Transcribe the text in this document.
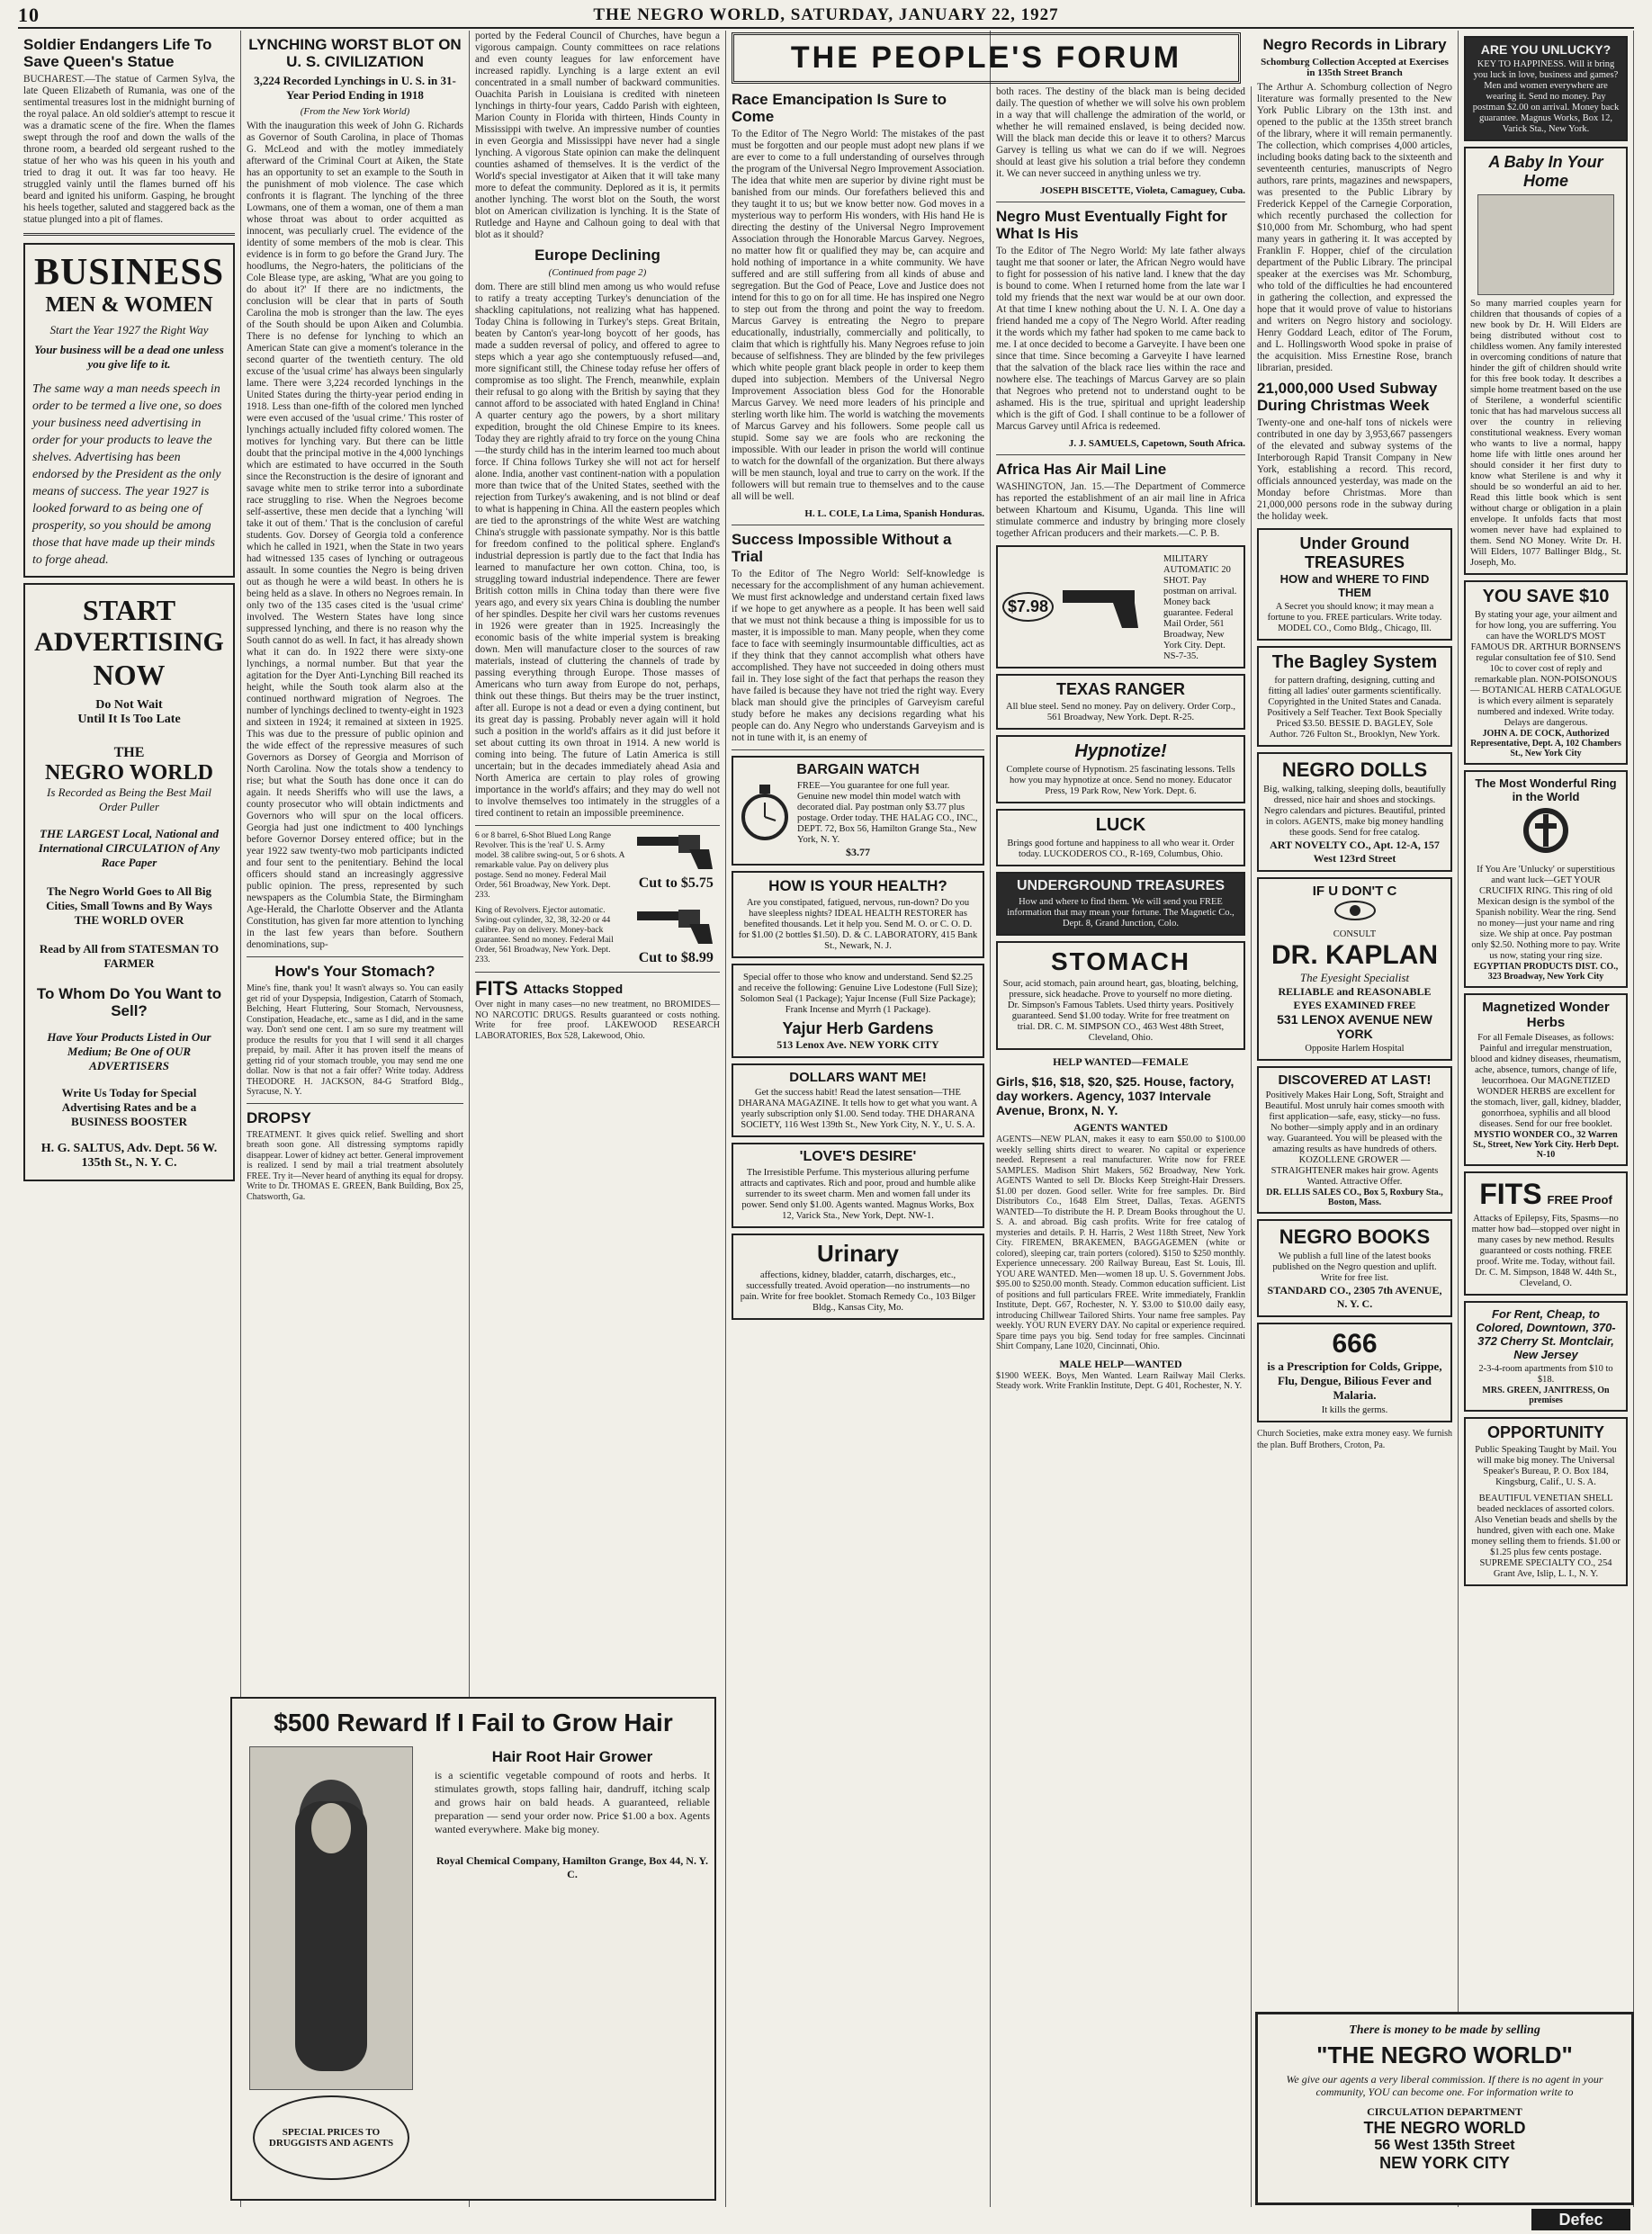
10	THE NEGRO WORLD, SATURDAY, JANUARY 22, 1927
Soldier Endangers Life To Save Queen's Statue

BUCHAREST.—The statue of Carmen Sylva, the late Queen Elizabeth of Rumania, was one of the sentimental treasures lost in the midnight burning of the royal palace. An old soldier's attempt to rescue it was a dramatic scene of the fire. When the flames swept through the roof and down the walls of the throne room, a bearded old sergeant rushed to the statue of her who was his queen in his youth and tried to drag it out. It was far too heavy. He struggled vainly until the flames burned off his beard and ignited his uniform. Gasping, he brought his heels together, saluted and staggered back as the statue plunged into a pit of flames.

BUSINESS
MEN & WOMEN
Start the Year 1927 the Right Way
Your business will be a dead one unless you give life to it.
The same way a man needs speech in order to be termed a live one, so does your business need advertising in order for your products to leave the shelves. Advertising has been endorsed by the President as the only means of success. The year 1927 is looked forward to as being one of prosperity, so you should be among those that have made up their minds to forge ahead.
START
ADVERTISING
NOW
Do Not Wait
Until It Is Too Late
THE
NEGRO WORLD
Is Recorded as Being the Best Mail Order Puller
THE LARGEST Local, National and International CIRCULATION of Any Race Paper
The Negro World Goes to All Big Cities, Small Towns and By Ways THE WORLD OVER
Read by All from STATESMAN TO FARMER
To Whom Do You Want to Sell?
Have Your Products Listed in Our Medium; Be One of OUR ADVERTISERS
Write Us Today for Special Advertising Rates and be a BUSINESS BOOSTER
H. G. SALTUS, Adv. Dept. 56 W. 135th St., N. Y. C.
LYNCHING WORST BLOT ON U. S. CIVILIZATION
3,224 Recorded Lynchings in U. S. in 31-Year Period Ending in 1918
(From the New York World)

With the inauguration this week of John G. Richards as Governor of South Carolina, in place of Thomas G. McLeod and with the motley immediately afterward of the Criminal Court at Aiken, the State has an opportunity to set an example to the South in the punishment of mob violence. The case which confronts it is flagrant. The lynching of the three Lowmans, one of them a woman, one of them a man whose throat was about to order acquitted as innocent, was peculiarly cruel. The evidence of the identity of some members of the mob is clear. This evidence is in form to go before the Grand Jury. The hoodlums, the Negro-haters, the politicians of the Cole Blease type, are asking, 'What are you going to do about it?' If there are no indictments, the conclusion will be clear that in parts of South Carolina the mob is stronger than the law. The eyes of the South should be upon Aiken and Columbia. There is no defense for lynching to which an American State can give a moment's tolerance in the second quarter of the twentieth century. The old excuse of the 'usual crime' has always been singularly lame. There were 3,224 recorded lynchings in the United States during the thirty-year period ending in 1918. Less than one-fifth of the colored men lynched were even accused of the 'usual crime.' This roster of lynchings actually included fifty colored women. The motives for lynching vary. But there can be little doubt that the principal motive in the 4,000 lynchings which are estimated to have occurred in the South since the Reconstruction is the desire of ignorant and savage white men to strike terror into a subordinate race struggling to rise. When the Negroes become self-assertive, these men decide that a lynching 'will take it out of them.' That is the conclusion of careful students. Gov. Dorsey of Georgia told a conference which he called in 1921, when the State in two years had witnessed 135 cases of lynching or outrageous assault. In some counties the Negro is being driven out as though he were a wild beast. In others he is being held as a slave. In others no Negroes remain. In only two of the 135 cases cited is the 'usual crime' involved. The Western States have long since suppressed lynching, and there is no reason why the South cannot do as well. In fact, it has already shown what it can do. In 1922 there were sixty-one lynchings, a normal number. But that year the agitation for the Dyer Anti-Lynching Bill reached its height, while the South took alarm also at the continued northward migration of Negroes. The number of lynchings declined to twenty-eight in 1923 and sixteen in 1924; it remained at sixteen in 1925. This was due to the pressure of public opinion and the wide effect of the repressive measures of such Governors as Dorsey of Georgia and Morrison of North Carolina. Now the totals show a tendency to rise; but what the South has done once it can do again. It needs Sheriffs who will use the laws, a county prosecutor who will obtain indictments and Governors who will spur on the local officers. Georgia had just one indictment to 400 lynchings before Governor Dorsey entered office; but in the year 1922 saw twenty-two mob participants indicted and four sent to the penitentiary. Behind the local officers should stand an increasingly aggressive public opinion. The press, represented by such newspapers as the Columbia State, the Birmingham Age-Herald, the Charlotte Observer and the Atlanta Constitution, has given far more attention to lynching in the last few years than before. Southern denominations, sup-

How's Your Stomach?

Mine's fine, thank you! It wasn't always so. You can easily get rid of your Dyspepsia, Indigestion, Catarrh of Stomach, Belching, Heart Fluttering, Sour Stomach, Nervousness, Constipation, Headache, etc., same as I did, and in the same way. Don't send one cent. I am so sure my treatment will produce the results for you that I will send it all charges prepaid, by mail. After it has proven itself the means of getting rid of your stomach trouble, you may send me one dollar. Now is that not a fair offer? Write today. Address THEODORE H. JACKSON, 84-G Stratford Bldg., Syracuse, N. Y.

DROPSY

TREATMENT. It gives quick relief. Swelling and short breath soon gone. All distressing symptoms rapidly disappear. Lower of kidney act better. General improvement is realized. I send by mail a trial treatment absolutely FREE. Try it—Never heard of anything its equal for dropsy. Write to Dr. THOMAS E. GREEN, Bank Building, Box 25, Chatsworth, Ga.

ported by the Federal Council of Churches, have begun a vigorous campaign. County committees on race relations and even county leagues for law enforcement have increased rapidly. Lynching is a large extent an evil concentrated in a small number of backward communities. Ouachita Parish in Louisiana is credited with nineteen lynchings in thirty-four years, Caddo Parish with eighteen, Marion County in Florida with thirteen, Hinds County in Mississippi with twelve. An impressive number of counties in even Georgia and Mississippi have never had a single lynching. A vigorous State opinion can make the delinquent counties ashamed of themselves. It is the verdict of the World's special investigator at Aiken that it will take many more to defeat the community. Deplored as it is, it permits another lynching. The worst blot on the South, the worst blot on American civilization is lynching. It is the State of Rutledge and Hayne and Calhoun going to deal with that blot as it should?

Europe Declining
(Continued from page 2)

dom. There are still blind men among us who would refuse to ratify a treaty accepting Turkey's denunciation of the shackling capitulations, not realizing what has happened. Today China is following in Turkey's steps. Great Britain, beaten by Canton's year-long boycott of her goods, has made a sudden reversal of policy, and offered to agree to steps which a year ago she contemptuously refused—and, more significant still, the Chinese today refuse her offers of compromise as too slight. The French, meanwhile, explain their refusal to go along with the British by saying that they cannot afford to be associated with hated England in China! A quarter century ago the powers, by a short military expedition, brought the old Chinese Empire to its knees. Today they are rightly afraid to try force on the young China—the sturdy child has in the interim learned too much about force. If China follows Turkey she will not act for herself alone. India, another vast continent-nation with a population more than twice that of the United States, seethed with the rejection from Turkey's awakening, and is not blind or deaf to what is happening in China. All the eastern peoples which are tied to the apronstrings of the white West are watching China's struggle with passionate sympathy. Nor is this battle for freedom confined to the political sphere. England's industrial depression is partly due to the fact that India has learned to manufacture her own cotton. China, too, is struggling toward industrial independence. There are fewer British cotton mills in China today than there were five years ago, and every six years China is doubling the number of her spindles. Despite her civil wars her customs revenues in 1926 were greater than in 1925. Increasingly the economic basis of the white imperial system is breaking down. Men will manufacture closer to the sources of raw materials, instead of cluttering the channels of trade by passing everything through Europe. Those masses of Americans who turn away from Europe do not, perhaps, think out these things. But theirs may be the truer instinct, after all. Europe is not a dead or even a dying continent, but its great day is passing. Probably never again will it hold such a position in the world's affairs as it did just before it set about cutting its own throat in 1914. A new world is coming into being. The future of Latin America is still uncertain; but in the decades immediately ahead Asia and North America are certain to play roles of growing importance in the world's affairs; and they may do well not to involve themselves too intimately in the struggles of a tired continent to retain an impossible preeminence.

6 or 8 barrel, 6-Shot Blued Long Range Revolver. This is the 'real' U. S. Army model. 38 calibre swing-out, 5 or 6 shots. A remarkable value. Pay on delivery plus postage. Send no money. Federal Mail Order, 561 Broadway, New York. Dept. 233.
Cut to $5.75
King of Revolvers. Ejector automatic. Swing-out cylinder, 32, 38, 32-20 or 44 calibre. Pay on delivery. Money-back guarantee. Send no money. Federal Mail Order, 561 Broadway, New York. Dept. 233.	Cut to $8.99
FITS Attacks Stopped

Over night in many cases—no new treatment, no BROMIDES—NO NARCOTIC DRUGS. Results guaranteed or costs nothing. Write for free proof. LAKEWOOD RESEARCH LABORATORIES, Box 528, Lakewood, Ohio.

$500 Reward If I Fail to Grow Hair
SPECIAL PRICES TO DRUGGISTS AND AGENTS
Hair Root Hair Grower

is a scientific vegetable compound of roots and herbs. It stimulates growth, stops falling hair, dandruff, itching scalp and grows hair on bald heads. A guaranteed, reliable preparation — send your order now. Price $1.00 a box. Agents wanted everywhere. Make big money.

Royal Chemical Company, Hamilton Grange, Box 44, N. Y. C.
THE PEOPLE'S FORUM
Race Emancipation Is Sure to Come

To the Editor of The Negro World: The mistakes of the past must be forgotten and our people must adopt new plans if we are ever to come to a full understanding of ourselves through the program of the Universal Negro Improvement Association. The idea that white men are superior by divine right must be banished from our minds. Our forefathers believed this and they taught it to us; but we know better now. God moves in a mysterious way to perform His wonders, with His hand He is directing the destiny of the Universal Negro Improvement Association through the Honorable Marcus Garvey. Negroes, no matter how fit or qualified they may be, can acquire and hold nothing of importance in a white community. We have suffered and are still suffering from all kinds of abuse and segregation. But the God of Peace, Love and Justice does not intend for this to go on for all time. He has inspired one Negro to step out from the throng and point the way to freedom. Marcus Garvey is entreating the Negro to prepare educationally, industrially, commercially and politically, to claim that which is rightfully his. Many Negroes refuse to join because of selfishness. They are blinded by the few privileges which white people grant black people in order to keep them duped into subjection. Members of the Universal Negro Improvement Association bless God for the Honorable Marcus Garvey. We need more leaders of his principle and sterling worth like him. The world is watching the movements of Marcus Garvey and his followers. Some people call us stupid. Some say we are fools who are reckoning the impossible. With our leader in prison the world will continue to watch for the downfall of the organization. But there always will be men staunch, loyal and true to carry on the work. If the followers will but remain true to themselves and to the cause all will be well.

H. L. COLE, La Lima, Spanish Honduras.
Success Impossible Without a Trial

To the Editor of The Negro World: Self-knowledge is necessary for the accomplishment of any human achievement. We must first acknowledge and understand certain fixed laws if we hope to get anywhere as a people. It has been well said that we must not think because a thing is impossible for us to master, it is impossible to man. Many people, when they come face to face with seemingly insurmountable difficulties, act as if they think that they cannot accomplish what others have accomplished. They have not succeeded in doing others must fail in. They lose sight of the fact that perhaps the reason they have failed is because they have not tried the right way. Every black man should give the principles of Garveyism careful study before he makes any decisions regarding what his people can do. Any Negro who understands Garveyism and is not in tune with it, is an enemy of

BARGAIN WATCH
FREE—You guarantee for one full year. Genuine new model thin model watch with decorated dial. Pay postman only $3.77 plus postage. Order today. THE HALAG CO., INC., DEPT. 72, Box 56, Hamilton Grange Sta., New York, N. Y.
$3.77
HOW IS YOUR HEALTH?
Are you constipated, fatigued, nervous, run-down? Do you have sleepless nights? IDEAL HEALTH RESTORER has benefited thousands. Let it help you. Send M. O. or C. O. D. for $1.00 (2 bottles $1.50). D. & C. LABORATORY, 415 Bank St., Newark, N. J.
Special offer to those who know and understand. Send $2.25 and receive the following: Genuine Live Lodestone (Full Size); Solomon Seal (1 Package); Yajur Incense (Full Size Package); Frank Incense and Myrrh (1 Package).
Yajur Herb Gardens
513 Lenox Ave. NEW YORK CITY
DOLLARS WANT ME!
Get the success habit! Read the latest sensation—THE DHARANA MAGAZINE. It tells how to get what you want. A yearly subscription only $1.00. Send today. THE DHARANA SOCIETY, 116 West 139th St., New York City, N. Y., U. S. A.
'LOVE'S DESIRE'
The Irresistible Perfume. This mysterious alluring perfume attracts and captivates. Rich and poor, proud and humble alike surrender to its sweet charm. Men and women fall under its power. Send only $1.00. Agents wanted. Magnus Works, Box 12, Varick Sta., New York, Dept. NW-1.
Urinary
affections, kidney, bladder, catarrh, discharges, etc., successfully treated. Avoid operation—no instruments—no pain. Write for free booklet. Stomach Remedy Co., 103 Bilger Bldg., Kansas City, Mo.

both races. The destiny of the black man is being decided daily. The question of whether we will solve his own problem in a way that will challenge the admiration of the world, or whether he will remained enslaved, is being decided now. Will the black man decide this or leave it to others? Marcus Garvey is telling us what we can do if we will. Negroes should at least give his solution a trial before they condemn it. We can never succeed in anything unless we try.

JOSEPH BISCETTE, Violeta, Camaguey, Cuba.
Negro Must Eventually Fight for What Is His

To the Editor of The Negro World: My late father always taught me that sooner or later, the African Negro would have to fight for possession of his native land. I knew that the day is bound to come. When I returned home from the late war I told my friends that the next war would be at our own door. At that time I knew nothing about the U. N. I. A. One day a friend handed me a copy of The Negro World. After reading it the words which my father had spoken to me came back to me. I at once decided to become a Garveyite. I have been one since that time. Since becoming a Garveyite I have learned that the salvation of the black race lies within the race and nowhere else. The teachings of Marcus Garvey are so plain that Negroes who pretend not to understand ought to be ashamed. His is the true, spiritual and upright leadership which is the gift of God. I shall continue to be a follower of Marcus Garvey until Africa is redeemed.

J. J. SAMUELS, Capetown, South Africa.
Africa Has Air Mail Line

WASHINGTON, Jan. 15.—The Department of Commerce has reported the establishment of an air mail line in Africa between Khartoum and Kisumu, Uganda. This line will stimulate commerce and industry by bringing more closely together African producers and their markets.—C. P. B.

$7.98
MILITARY AUTOMATIC 20 SHOT. Pay postman on arrival. Money back guarantee. Federal Mail Order, 561 Broadway, New York City. Dept. NS-7-35.
TEXAS RANGER
All blue steel. Send no money. Pay on delivery. Order Corp., 561 Broadway, New York. Dept. R-25.
Hypnotize!
Complete course of Hypnotism. 25 fascinating lessons. Tells how you may hypnotize at once. Send no money. Educator Press, 19 Park Row, New York. Dept. 6.
LUCK
Brings good fortune and happiness to all who wear it. Order today. LUCKODEROS CO., R-169, Columbus, Ohio.
UNDERGROUND TREASURES
How and where to find them. We will send you FREE information that may mean your fortune. The Magnetic Co., Dept. 8, Grand Junction, Colo.
STOMACH
Sour, acid stomach, pain around heart, gas, bloating, belching, pressure, sick headache. Prove to yourself no more dieting. Dr. Simpson's Famous Tablets. Used thirty years. Positively guaranteed. Send $1.00 today. Write for free treatment on trial. DR. C. M. SIMPSON CO., 463 West 48th Street, Cleveland, Ohio.
HELP WANTED—FEMALE
Girls, $16, $18, $20, $25. House, factory, day workers. Agency, 1037 Intervale Avenue, Bronx, N. Y.
AGENTS WANTED

AGENTS—NEW PLAN, makes it easy to earn $50.00 to $100.00 weekly selling shirts direct to wearer. No capital or experience needed. Represent a real manufacturer. Write now for FREE SAMPLES. Madison Shirt Makers, 562 Broadway, New York. AGENTS Wanted to sell Dr. Blocks Keep Streight-Hair Dressers. $1.00 per dozen. Good seller. Write for free samples. Dr. Bird Distributors Co., 1648 Elm Street, Dallas, Texas. AGENTS WANTED—To distribute the H. P. Dream Books throughout the U. S. A. and abroad. Big cash profits. Write for free catalog of mysteries and details. P. H. Harris, 2 West 118th Street, New York City. FIREMEN, BRAKEMEN, BAGGAGEMEN (white or colored), sleeping car, train porters (colored). $150 to $250 monthly. Experience unnecessary. 200 Railway Bureau, East St. Louis, Ill. YOU ARE WANTED. Men—women 18 up. U. S. Government Jobs. $95.00 to $250.00 month. Steady. Common education sufficient. List of positions and full particulars FREE. Write immediately, Franklin Institute, Dept. G67, Rochester, N. Y. $3.00 to $10.00 daily easy, introducing Chillwear Tailored Shirts. Your name free samples. Pay weekly. YOU RUN EVERY DAY. No capital or experience required. Spare time pays you big. Send today for free samples. Cincinnati Shirt Company, Lane 1020, Cincinnati, Ohio.

MALE HELP—WANTED

$1900 WEEK. Boys, Men Wanted. Learn Railway Mail Clerks. Steady work. Write Franklin Institute, Dept. G 401, Rochester, N. Y.

Negro Records in Library
Schomburg Collection Accepted at Exercises in 135th Street Branch

The Arthur A. Schomburg collection of Negro literature was formally presented to the New York Public Library on the 13th inst. and opened to the public at the 135th street branch of the library, where it will remain permanently. The collection, which comprises 4,000 articles, including books dating back to the sixteenth and seventeenth centuries, manuscripts of Negro authors, rare prints, magazines and newspapers, was presented to the Public Library by Frederick Keppel of the Carnegie Corporation, which recently purchased the collection for $10,000 from Mr. Schomburg, who had spent many years in gathering it. It was accepted by Franklin F. Hopper, chief of the circulation department of the Public Library. The principal speaker at the exercises was Mr. Schomburg, who told of the difficulties he had encountered in gathering the collection, and expressed the hope that it would prove of value to historians and writers on Negro history and sociology. Henry Goddard Leach, editor of The Forum, and L. Hollingsworth Wood spoke in praise of the acquisition. Miss Ernestine Rose, branch librarian, presided.

21,000,000 Used Subway During Christmas Week

Twenty-one and one-half tons of nickels were contributed in one day by 3,953,667 passengers of the elevated and subway systems of the Interborough Rapid Transit Company in New York, establishing a record. This record, officials announced yesterday, was made on the Monday before Christmas. More than 21,000,000 persons rode in the subway during the holiday week.

Under Ground TREASURES
HOW and WHERE TO FIND THEM
A Secret you should know; it may mean a fortune to you. FREE particulars. Write today. MODEL CO., Como Bldg., Chicago, Ill.
The Bagley System
for pattern drafting, designing, cutting and fitting all ladies' outer garments scientifically. Copyrighted in the United States and Canada. Positively a Self Teacher. Text Book Specially Priced $3.50. BESSIE D. BAGLEY, Sole Author. 726 Fulton St., Brooklyn, New York.
NEGRO DOLLS
Big, walking, talking, sleeping dolls, beautifully dressed, nice hair and shoes and stockings. Negro calendars and pictures. Beautiful, printed in colors. AGENTS, make big money handling these goods. Send for free catalog.
ART NOVELTY CO., Apt. 12-A, 157 West 123rd Street
IF U DON'T C
CONSULT
DR. KAPLAN
The Eyesight Specialist
RELIABLE and REASONABLE EYES EXAMINED FREE
531 LENOX AVENUE NEW YORK
Opposite Harlem Hospital
DISCOVERED AT LAST!
Positively Makes Hair Long, Soft, Straight and Beautiful. Most unruly hair comes smooth with first application—safe, easy, sticky—no fuss. No bother—simply apply and in an ordinary way. Guaranteed. You will be pleased with the amazing results as have hundreds of others. KOZOLLENE GROWER — STRAIGHTENER makes hair grow. Agents Wanted. Attractive Offer.
DR. ELLIS SALES CO., Box 5, Roxbury Sta., Boston, Mass.
NEGRO BOOKS
We publish a full line of the latest books published on the Negro question and uplift. Write for free list.
STANDARD CO., 2305 7th AVENUE, N. Y. C.
666
is a Prescription for Colds, Grippe, Flu, Dengue, Bilious Fever and Malaria.
It kills the germs.

Church Societies, make extra money easy. We furnish the plan. Buff Brothers, Croton, Pa.

ARE YOU UNLUCKY?
KEY TO HAPPINESS. Will it bring you luck in love, business and games? Men and women everywhere are wearing it. Send no money. Pay postman $2.00 on arrival. Money back guarantee. Magnus Works, Box 12, Varick Sta., New York.
A Baby In Your Home
So many married couples yearn for children that thousands of copies of a new book by Dr. H. Will Elders are being distributed without cost to childless women. Any family interested in overcoming conditions of nature that hinder the gift of children should write for this free book today. It describes a simple home treatment based on the use of Sterilene, a wonderful scientific tonic that has had marvelous success all over the country in relieving constitutional weakness. Every woman who wants to live a normal, happy home life with little ones around her should consider it her first duty to know what Sterilene is and why it should be so wonderful an aid to her. Read this little book which is sent without charge or obligation in a plain envelope. It unfolds facts that most women never have had explained to them. Send NO Money. Write Dr. H. Will Elders, 1077 Ballinger Bldg., St. Joseph, Mo.
YOU SAVE $10
By stating your age, your ailment and for how long, you are sufferring. You can have the WORLD'S MOST FAMOUS DR. ARTHUR BORNSEN'S regular consultation fee of $10. Send 10c to cover cost of reply and remarkable plan. NON-POISONOUS — BOTANICAL HERB CATALOGUE is which every ailment is separately numbered and indexed. Write today. Delays are dangerous.
JOHN A. DE COCK, Authorized Representative, Dept. A, 102 Chambers St., New York City
The Most Wonderful Ring in the World
If You Are 'Unlucky' or superstitious and want luck—GET YOUR CRUCIFIX RING. This ring of old Mexican design is the symbol of the Spanish nobility. Wear the ring. Send no money—just your name and ring size. We ship at once. Pay postman only $2.50. Nothing more to pay. Write us now, stating your ring size.
EGYPTIAN PRODUCTS DIST. CO., 323 Broadway, New York City
Magnetized Wonder Herbs
For all Female Diseases, as follows: Painful and irregular menstruation, blood and kidney diseases, rheumatism, ache, absence, tumors, change of life, leucorrhoea. Our MAGNETIZED WONDER HERBS are excellent for the stomach, liver, gall, kidney, bladder, gonorrhoea, syphilis and all blood diseases. Send for our free booklet.
MYSTIO WONDER CO., 32 Warren St., Street, New York City. Herb Dept. N-10
FITS FREE Proof
Attacks of Epilepsy, Fits, Spasms—no matter how bad—stopped over night in many cases by new method. Results guaranteed or costs nothing. FREE proof. Write me. Today, without fail. Dr. C. M. Simpson, 1848 W. 44th St., Cleveland, O.
For Rent, Cheap, to Colored, Downtown, 370-372 Cherry St. Montclair, New Jersey
2-3-4-room apartments from $10 to $18.
MRS. GREEN, JANITRESS, On premises
OPPORTUNITY
Public Speaking Taught by Mail. You will make big money. The Universal Speaker's Bureau, P. O. Box 184, Kingsburg, Calif., U. S. A.
BEAUTIFUL VENETIAN SHELL beaded necklaces of assorted colors. Also Venetian beads and shells by the hundred, given with each one. Make money selling them to friends. $1.00 or $1.25 plus few cents postage. SUPREME SPECIALTY CO., 254 Grant Ave, Islip, L. I., N. Y.
There is money to be made by selling
"THE NEGRO WORLD"
We give our agents a very liberal commission. If there is no agent in your community, YOU can become one. For information write to
CIRCULATION DEPARTMENT
THE NEGRO WORLD
56 West 135th Street
NEW YORK CITY
Defec
